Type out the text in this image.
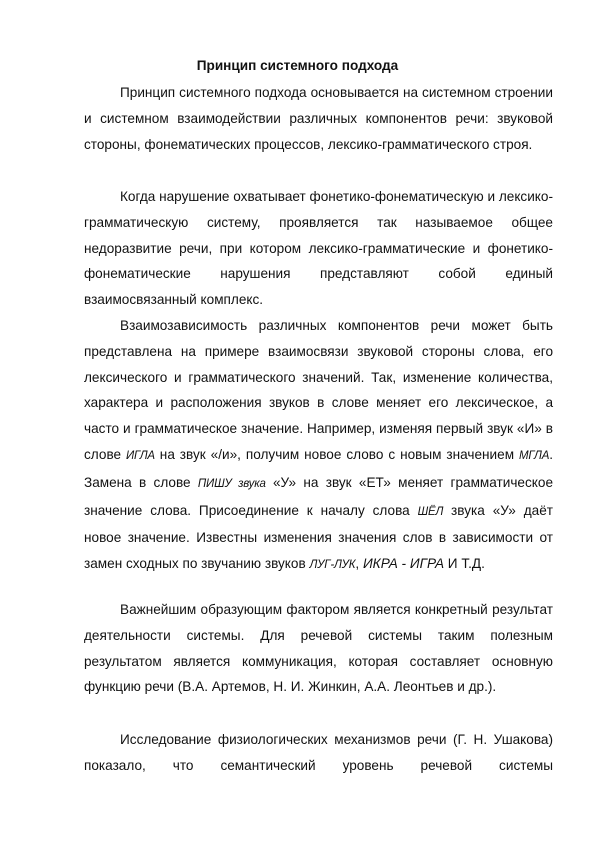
Принцип системного подхода

Принцип системного подхода основывается на системном строении и системном взаимодействии различных компонентов речи: звуковой стороны, фонематических процессов, лексико-грамматического строя.

Когда нарушение охватывает фонетико-фонематическую и лексико-грамматическую систему, проявляется так называемое общее недоразвитие речи, при котором лексико-грамматические и фонетико-фонематические нарушения представляют собой единый взаимосвязанный комплекс.

Взаимозависимость различных компонентов речи может быть представлена на примере взаимосвязи звуковой стороны слова, его лексического и грамматического значений. Так, изменение количества, характера и расположения звуков в слове меняет его лексическое, а часто и грамматическое значение. Например, изменяя первый звук «И» в слове ИГЛА на звук «/и», получим новое слово с новым значением МГЛА. Замена в слове ПИШУ звука «У» на звук «ЕТ» меняет грамматическое значение слова. Присоединение к началу слова ШЁЛ звука «У» даёт новое значение. Известны изменения значения слов в зависимости от замен сходных по звучанию звуков ЛУГ-ЛУК, ИКРА - ИГРА И Т.Д.

Важнейшим образующим фактором является конкретный результат деятельности системы. Для речевой системы таким полезным результатом является коммуникация, которая составляет основную функцию речи (В.А. Артемов, Н. И. Жинкин, А.А. Леонтьев и др.).

Исследование физиологических механизмов речи (Г. Н. Ушакова) показало, что семантический уровень речевой системы
